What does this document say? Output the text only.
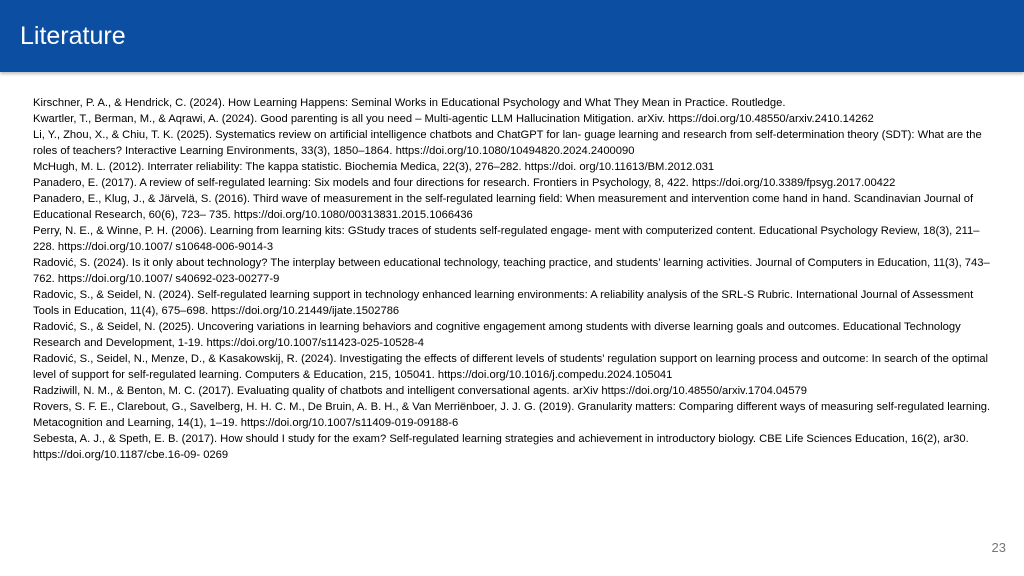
Literature
Kirschner, P. A., & Hendrick, C. (2024). How Learning Happens: Seminal Works in Educational Psychology and What They Mean in Practice. Routledge.
Kwartler, T., Berman, M., & Aqrawi, A. (2024). Good parenting is all you need – Multi-agentic LLM Hallucination Mitigation. arXiv. https://doi.org/10.48550/arxiv.2410.14262
Li, Y., Zhou, X., & Chiu, T. K. (2025). Systematics review on artificial intelligence chatbots and ChatGPT for lan- guage learning and research from self-determination theory (SDT): What are the roles of teachers? Interactive Learning Environments, 33(3), 1850–1864. https://doi.org/10.1080/10494820.2024.2400090
McHugh, M. L. (2012). Interrater reliability: The kappa statistic. Biochemia Medica, 22(3), 276–282. https://doi. org/10.11613/BM.2012.031
Panadero, E. (2017). A review of self-regulated learning: Six models and four directions for research. Frontiers in Psychology, 8, 422. https://doi.org/10.3389/fpsyg.2017.00422
Panadero, E., Klug, J., & Järvelä, S. (2016). Third wave of measurement in the self-regulated learning field: When measurement and intervention come hand in hand. Scandinavian Journal of Educational Research, 60(6), 723– 735. https://doi.org/10.1080/00313831.2015.1066436
Perry, N. E., & Winne, P. H. (2006). Learning from learning kits: GStudy traces of students self-regulated engage- ment with computerized content. Educational Psychology Review, 18(3), 211–228. https://doi.org/10.1007/ s10648-006-9014-3
Radović, S. (2024). Is it only about technology? The interplay between educational technology, teaching practice, and students’ learning activities. Journal of Computers in Education, 11(3), 743–762. https://doi.org/10.1007/ s40692-023-00277-9
Radovic, S., & Seidel, N. (2024). Self-regulated learning support in technology enhanced learning environments: A reliability analysis of the SRL-S Rubric. International Journal of Assessment Tools in Education, 11(4), 675–698. https://doi.org/10.21449/ijate.1502786
Radović, S., & Seidel, N. (2025). Uncovering variations in learning behaviors and cognitive engagement among students with diverse learning goals and outcomes. Educational Technology Research and Development, 1-19. https://doi.org/10.1007/s11423-025-10528-4
Radović, S., Seidel, N., Menze, D., & Kasakowskij, R. (2024). Investigating the effects of different levels of students’ regulation support on learning process and outcome: In search of the optimal level of support for self-regulated learning. Computers & Education, 215, 105041. https://doi.org/10.1016/j.compedu.2024.105041
Radziwill, N. M., & Benton, M. C. (2017). Evaluating quality of chatbots and intelligent conversational agents. arXiv https://doi.org/10.48550/arxiv.1704.04579
Rovers, S. F. E., Clarebout, G., Savelberg, H. H. C. M., De Bruin, A. B. H., & Van Merriënboer, J. J. G. (2019). Granularity matters: Comparing different ways of measuring self-regulated learning. Metacognition and Learning, 14(1), 1–19. https://doi.org/10.1007/s11409-019-09188-6
Sebesta, A. J., & Speth, E. B. (2017). How should I study for the exam? Self-regulated learning strategies and achievement in introductory biology. CBE Life Sciences Education, 16(2), ar30. https://doi.org/10.1187/cbe.16-09- 0269
23
